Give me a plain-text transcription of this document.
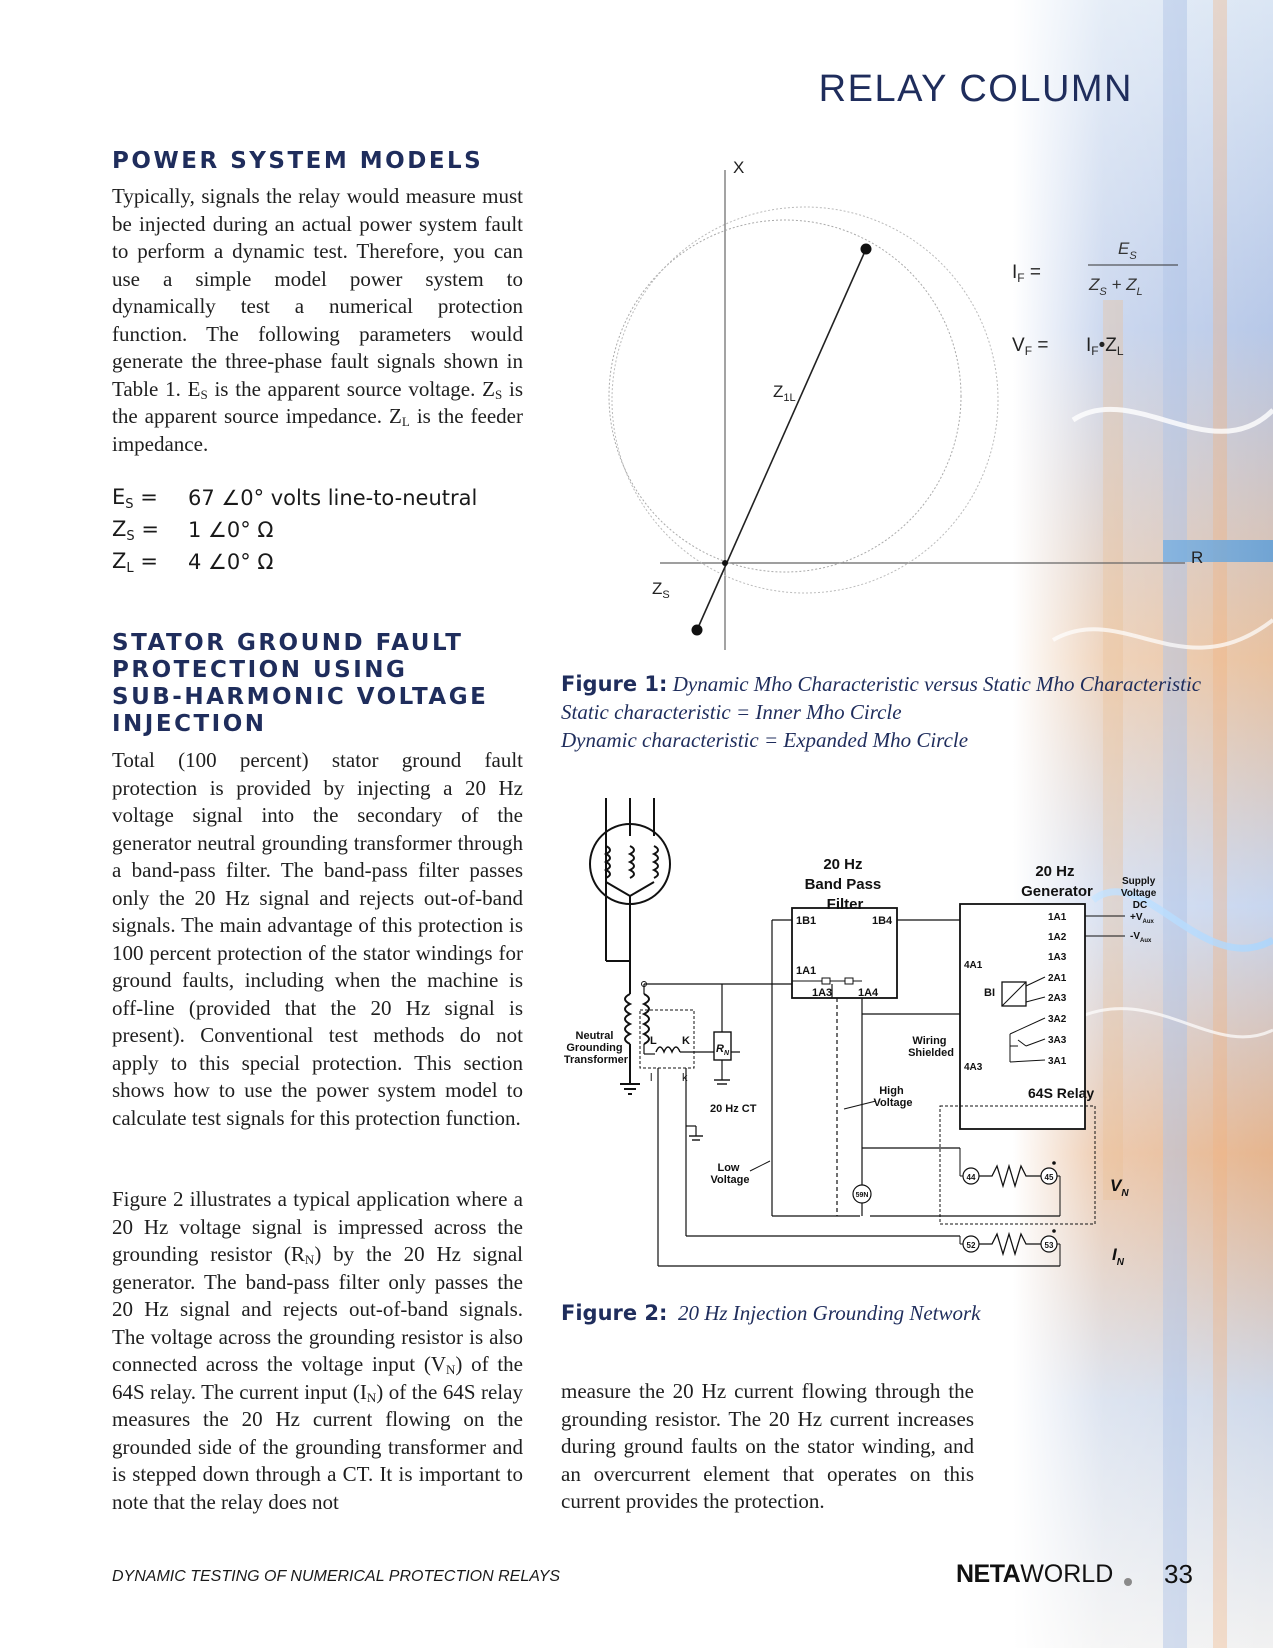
RELAY COLUMN
POWER SYSTEM MODELS

Typically, signals the relay would measure must be injected during an actual power system fault to perform a dynamic test. Therefore, you can use a simple model power system to dynamically test a numerical protection function. The following parameters would generate the three-phase fault signals shown in Table 1. $E_S$ is the apparent source voltage. $Z_S$ is the apparent source impedance. $Z_L$ is the feeder impedance.

$E_S$ =	67 ∠0° volts line-to-neutral
$Z_S$ =	1 ∠0° Ω
$Z_L$ =	4 ∠0° Ω
STATOR GROUND FAULT
PROTECTION USING
SUB-HARMONIC VOLTAGE
INJECTION

Total (100 percent) stator ground fault protection is provided by injecting a 20 Hz voltage signal into the secondary of the generator neutral grounding transformer through a band-pass filter. The band-pass filter passes only the 20 Hz signal and rejects out-of-band signals. The main advantage of this protection is 100 percent protection of the stator windings for ground faults, including when the machine is off-line (provided that the 20 Hz signal is present). Conventional test methods do not apply to this special protection. This section shows how to use the power system model to calculate test signals for this protection function.

Figure 2 illustrates a typical application where a 20 Hz voltage signal is impressed across the grounding resistor $(R_N)$ by the 20 Hz signal generator. The band-pass filter only passes the 20 Hz signal and rejects out-of-band signals. The voltage across the grounding resistor is also connected across the voltage input $(V_N)$ of the 64S relay. The current input $(I_N)$ of the 64S relay measures the 20 Hz current flowing on the grounded side of the grounding transformer and is stepped down through a CT. It is important to note that the relay does not

measure the 20 Hz current flowing through the grounding resistor. The 20 Hz current increases during ground faults on the stator winding, and an overcurrent element that operates on this current provides the protection.

X
R
$Z_{1L}$
$Z_S$
$I_F$ =
$E_S$
$Z_S + Z_L$
$V_F$ = $I_F•Z_L$
Figure 1: Dynamic Mho Characteristic versus Static Mho Characteristic
Static characteristic = Inner Mho Circle
Dynamic characteristic = Expanded Mho Circle
Neutral Grounding Transformer
L K
l	k
20 Hz CT
$R_N$
20 Hz Band Pass Filter
1B1	1B4
1A1
1A3 1A4
Wiring Shielded
High Voltage
Low Voltage
20 Hz Generator
Supply Voltage DC
$+V_{Aux}$
$-V_{Aux}$
1A1
1A2
1A3
2A1
2A3
3A2
3A3
3A1
4A1
4A3
BI
64S Relay
59N
44	45
52	53
$V_N$
$I_N$
Figure 2: 20 Hz Injection Grounding Network
DYNAMIC TESTING OF NUMERICAL PROTECTION RELAYS	NETAWORLD 33
